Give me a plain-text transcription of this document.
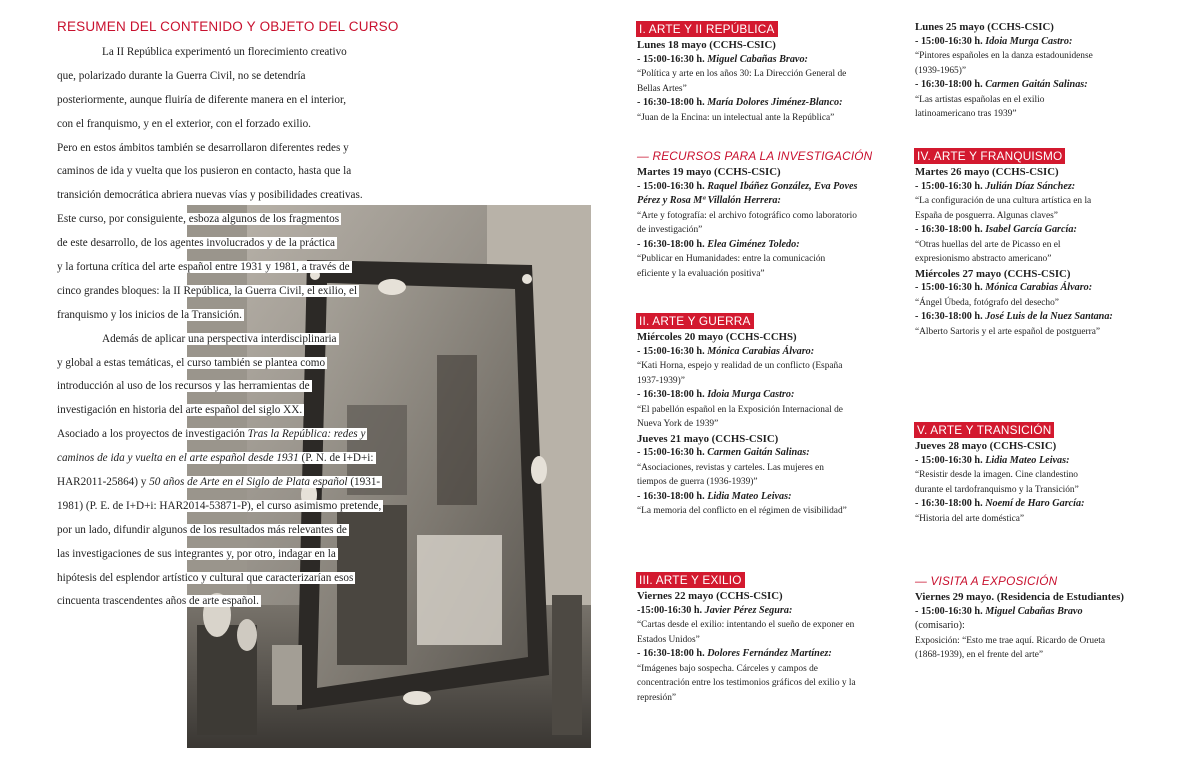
RESUMEN DEL CONTENIDO Y OBJETO DEL CURSO
La II República experimentó un florecimiento creativo
que, polarizado durante la Guerra Civil, no se detendría
posteriormente, aunque fluiría de diferente manera en el interior,
con el franquismo, y en el exterior, con el forzado exilio.
Pero en estos ámbitos también se desarrollaron diferentes redes y
caminos de ida y vuelta que los pusieron en contacto, hasta que la
transición democrática abriera nuevas vías y posibilidades creativas.
Este curso, por consiguiente, esboza algunos de los fragmentos
de este desarrollo, de los agentes involucrados y de la práctica
y la fortuna crítica del arte español entre 1931 y 1981, a través de
cinco grandes bloques: la II República, la Guerra Civil, el exilio, el
franquismo y los inicios de la Transición.
Además de aplicar una perspectiva interdisciplinaria
y global a estas temáticas, el curso también se plantea como
introducción al uso de los recursos y las herramientas de
investigación en historia del arte español del siglo XX.
Asociado a los proyectos de investigación Tras la República: redes y
caminos de ida y vuelta en el arte español desde 1931 (P. N. de I+D+i:
HAR2011-25864) y 50 años de Arte en el Siglo de Plata español (1931-
1981) (P. E. de I+D+i: HAR2014-53871-P), el curso asimismo pretende,
por un lado, difundir algunos de los resultados más relevantes de
las investigaciones de sus integrantes y, por otro, indagar en la
hipótesis del esplendor artístico y cultural que caracterizarían esos
cincuenta trascendentes años de arte español.
I. ARTE Y II REPÚBLICA
Lunes 18 mayo (CCHS-CSIC)
- 15:00-16:30 h. Miguel Cabañas Bravo:
“Política y arte en los años 30: La Dirección General de
Bellas Artes”
- 16:30-18:00 h. María Dolores Jiménez-Blanco:
“Juan de la Encina: un intelectual ante la República”
— RECURSOS PARA LA INVESTIGACIÓN
Martes 19 mayo (CCHS-CSIC)
- 15:00-16:30 h. Raquel Ibáñez González, Eva Poves
Pérez y Rosa Mª Villalón Herrera:
“Arte y fotografía: el archivo fotográfico como laboratorio
de investigación”
- 16:30-18:00 h. Elea Giménez Toledo:
“Publicar en Humanidades: entre la comunicación
eficiente y la evaluación positiva”
II. ARTE Y GUERRA
Miércoles 20 mayo (CCHS-CCHS)
- 15:00-16:30 h. Mónica Carabias Álvaro:
“Kati Horna, espejo y realidad de un conflicto (España
1937-1939)”
- 16:30-18:00 h. Idoia Murga Castro:
“El pabellón español en la Exposición Internacional de
Nueva York de 1939”
Jueves 21 mayo (CCHS-CSIC)
- 15:00-16:30 h. Carmen Gaitán Salinas:
“Asociaciones, revistas y carteles. Las mujeres en
tiempos de guerra (1936-1939)”
- 16:30-18:00 h. Lidia Mateo Leivas:
“La memoria del conflicto en el régimen de visibilidad”
III. ARTE Y EXILIO
Viernes 22 mayo (CCHS-CSIC)
-15:00-16:30 h. Javier Pérez Segura:
“Cartas desde el exilio: intentando el sueño de exponer en
Estados Unidos”
- 16:30-18:00 h. Dolores Fernández Martínez:
“Imágenes bajo sospecha. Cárceles y campos de
concentración entre los testimonios gráficos del exilio y la
represión”
Lunes 25 mayo (CCHS-CSIC)
- 15:00-16:30 h. Idoia Murga Castro:
“Pintores españoles en la danza estadounidense
(1939-1965)”
- 16:30-18:00 h. Carmen Gaitán Salinas:
“Las artistas españolas en el exilio
latinoamericano tras 1939”
IV. ARTE Y FRANQUISMO
Martes 26 mayo (CCHS-CSIC)
- 15:00-16:30 h. Julián Díaz Sánchez:
“La configuración de una cultura artística en la
España de posguerra. Algunas claves”
- 16:30-18:00 h. Isabel García García:
“Otras huellas del arte de Picasso en el
expresionismo abstracto americano”
Miércoles 27 mayo (CCHS-CSIC)
- 15:00-16:30 h. Mónica Carabias Álvaro:
“Ángel Úbeda, fotógrafo del desecho”
- 16:30-18:00 h. José Luis de la Nuez Santana:
“Alberto Sartoris y el arte español de postguerra”
V. ARTE Y TRANSICIÓN
Jueves 28 mayo (CCHS-CSIC)
- 15:00-16:30 h. Lidia Mateo Leivas:
“Resistir desde la imagen. Cine clandestino
durante el tardofranquismo y la Transición”
- 16:30-18:00 h. Noemí de Haro García:
“Historia del arte doméstica”
— VISITA A EXPOSICIÓN
Viernes 29 mayo. (Residencia de Estudiantes)
- 15:00-16:30 h. Miguel Cabañas Bravo
(comisario):
Exposición: “Esto me trae aquí. Ricardo de Orueta
(1868-1939), en el frente del arte”
